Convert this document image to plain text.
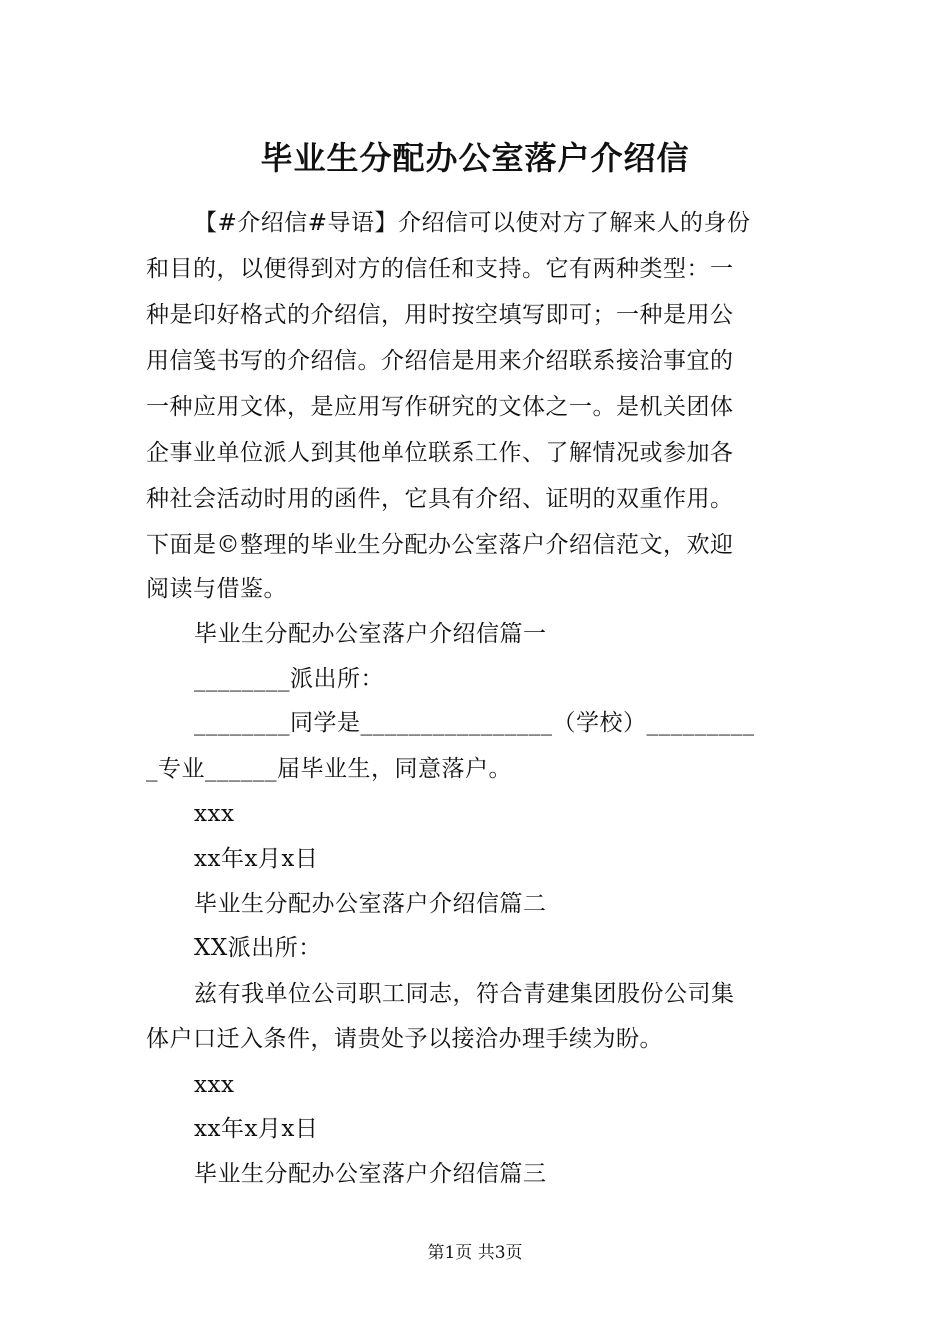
毕业生分配办公室落户介绍信
【#介绍信#导语】介绍信可以使对方了解来人的身份
和目的，以便得到对方的信任和支持。它有两种类型：一
种是印好格式的介绍信，用时按空填写即可；一种是用公
用信笺书写的介绍信。介绍信是用来介绍联系接洽事宜的
一种应用文体，是应用写作研究的文体之一。是机关团体
企事业单位派人到其他单位联系工作、了解情况或参加各
种社会活动时用的函件，它具有介绍、证明的双重作用。
下面是©整理的毕业生分配办公室落户介绍信范文，欢迎
阅读与借鉴。
毕业生分配办公室落户介绍信篇一
________派出所：
________同学是________________（学校）_________
_专业______届毕业生，同意落户。
xxx
xx年x月x日
毕业生分配办公室落户介绍信篇二
XX派出所：
兹有我单位公司职工同志，符合青建集团股份公司集
体户口迁入条件，请贵处予以接洽办理手续为盼。
xxx
xx年x月x日
毕业生分配办公室落户介绍信篇三
第1页 共3页
